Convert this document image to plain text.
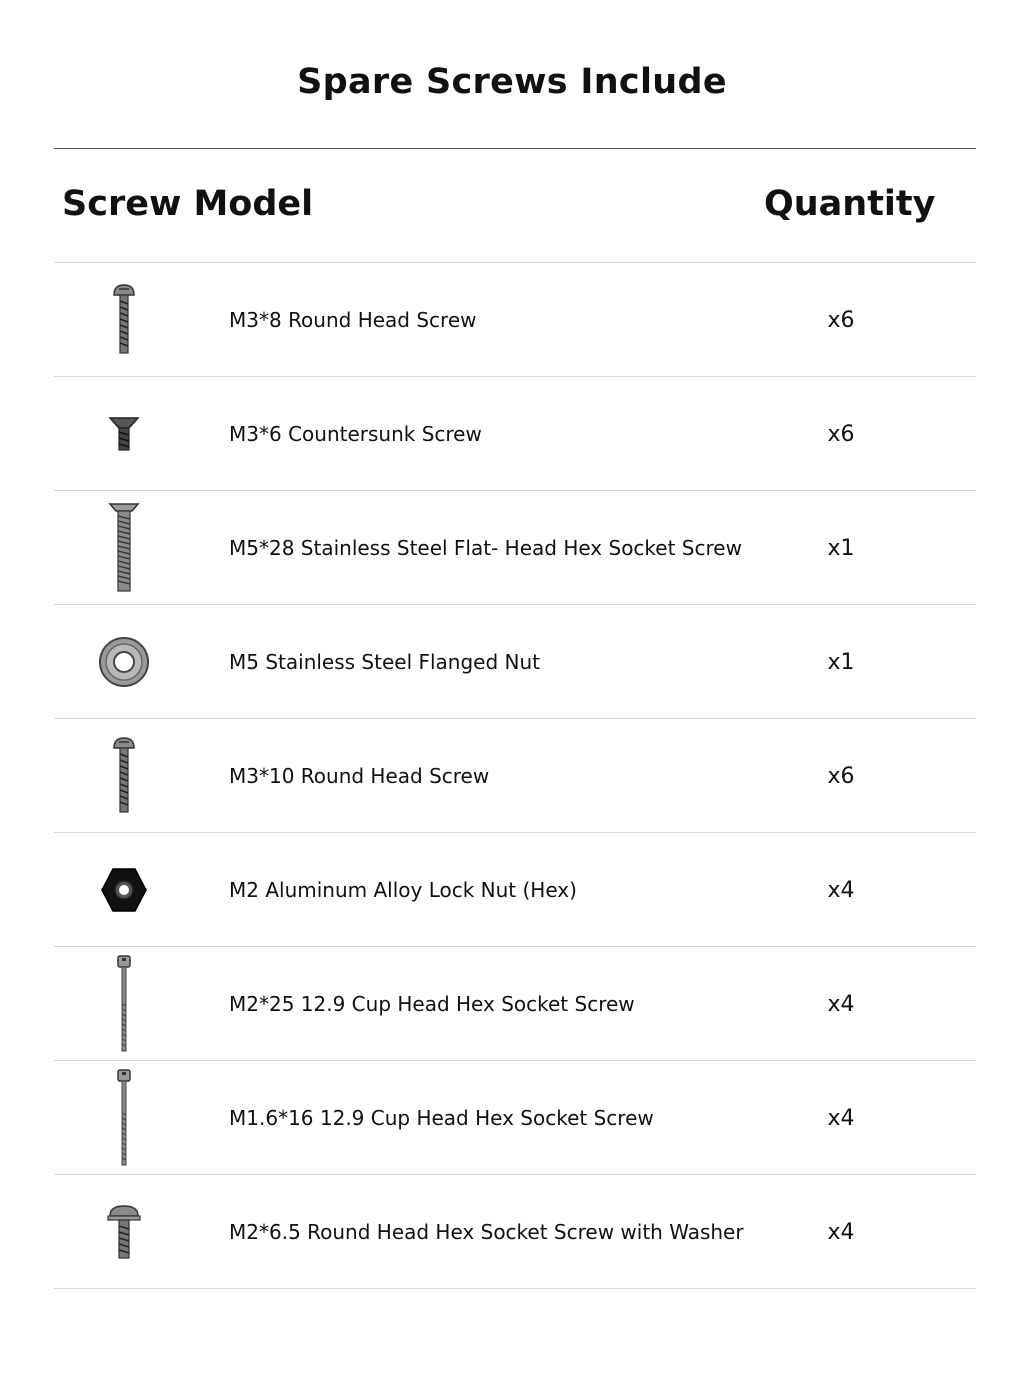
Spare Screws Include
Screw Model	Quantity
M3*8 Round Head Screw	x6
M3*6 Countersunk Screw	x6
M5*28 Stainless Steel Flat- Head Hex Socket Screw	x1
M5 Stainless Steel Flanged Nut	x1
M3*10 Round Head Screw	x6
M2 Aluminum Alloy Lock Nut (Hex)	x4
M2*25 12.9 Cup Head Hex Socket Screw	x4
M1.6*16 12.9 Cup Head Hex Socket Screw	x4
M2*6.5 Round Head Hex Socket Screw with Washer	x4
